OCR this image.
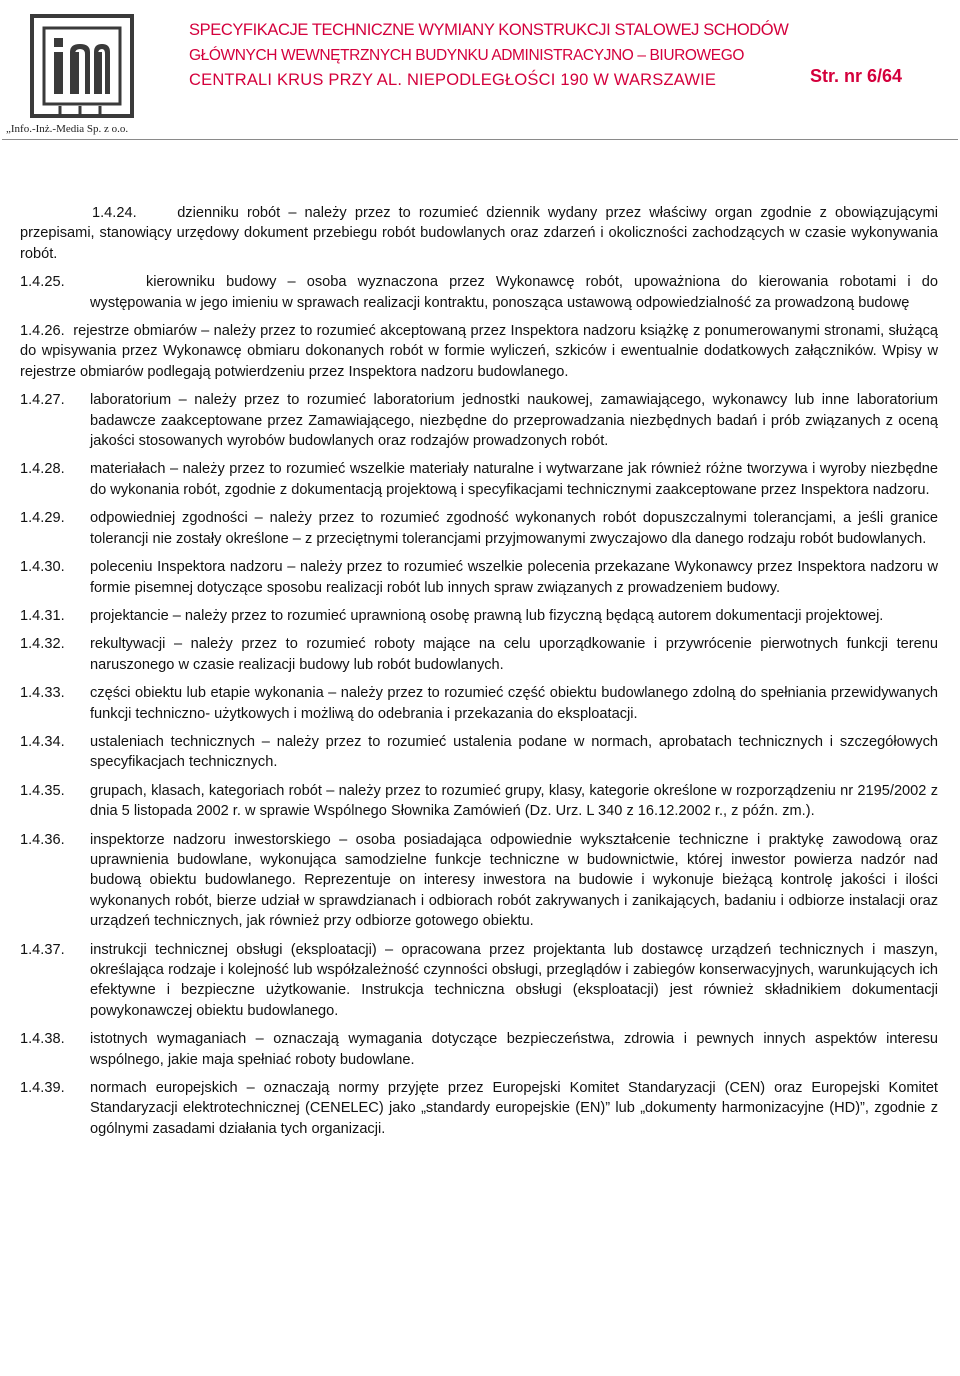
„Info.-Inż.-Media Sp. z o.o.
SPECYFIKACJE TECHNICZNE WYMIANY KONSTRUKCJI STALOWEJ SCHODÓW
GŁÓWNYCH WEWNĘTRZNYCH BUDYNKU ADMINISTRACYJNO – BIUROWEGO
CENTRALI KRUS PRZY AL. NIEPODLEGŁOŚCI 190 W WARSZAWIE	Str. nr 6/64

1.4.24.	dzienniku robót – należy przez to rozumieć dziennik wydany przez właściwy organ zgodnie z obowiązującymi przepisami, stanowiący urzędowy dokument przebiegu robót budowlanych oraz zdarzeń i okoliczności zachodzących w czasie wykonywania robót.

1.4.25.	kierowniku budowy – osoba wyznaczona przez Wykonawcę robót, upoważniona do kierowania robotami i do występowania w jego imieniu w sprawach realizacji kontraktu, ponosząca ustawową odpowiedzialność za prowadzoną budowę

1.4.26. rejestrze obmiarów – należy przez to rozumieć akceptowaną przez Inspektora nadzoru książkę z ponumerowanymi stronami, służącą do wpisywania przez Wykonawcę obmiaru dokonanych robót w formie wyliczeń, szkiców i ewentualnie dodatkowych załączników. Wpisy w rejestrze obmiarów podlegają potwierdzeniu przez Inspektora nadzoru budowlanego.

1.4.27.	laboratorium – należy przez to rozumieć laboratorium jednostki naukowej, zamawiającego, wykonawcy lub inne laboratorium badawcze zaakceptowane przez Zamawiającego, niezbędne do przeprowadzania niezbędnych badań i prób związanych z oceną jakości stosowanych wyrobów budowlanych oraz rodzajów prowadzonych robót.
1.4.28.	materiałach – należy przez to rozumieć wszelkie materiały naturalne i wytwarzane jak również różne tworzywa i wyroby niezbędne do wykonania robót, zgodnie z dokumentacją projektową i specyfikacjami technicznymi zaakceptowane przez Inspektora nadzoru.
1.4.29.	odpowiedniej zgodności – należy przez to rozumieć zgodność wykonanych robót dopuszczalnymi tolerancjami, a jeśli granice tolerancji nie zostały określone – z przeciętnymi tolerancjami przyjmowanymi zwyczajowo dla danego rodzaju robót budowlanych.
1.4.30.	poleceniu Inspektora nadzoru – należy przez to rozumieć wszelkie polecenia przekazane Wykonawcy przez Inspektora nadzoru w formie pisemnej dotyczące sposobu realizacji robót lub innych spraw związanych z prowadzeniem budowy.
1.4.31.	projektancie – należy przez to rozumieć uprawnioną osobę prawną lub fizyczną będącą autorem dokumentacji projektowej.
1.4.32.	rekultywacji – należy przez to rozumieć roboty mające na celu uporządkowanie i przywrócenie pierwotnych funkcji terenu naruszonego w czasie realizacji budowy lub robót budowlanych.
1.4.33.	części obiektu lub etapie wykonania – należy przez to rozumieć część obiektu budowlanego zdolną do spełniania przewidywanych funkcji techniczno- użytkowych i możliwą do odebrania i przekazania do eksploatacji.
1.4.34.	ustaleniach technicznych – należy przez to rozumieć ustalenia podane w normach, aprobatach technicznych i szczegółowych specyfikacjach technicznych.
1.4.35.	grupach, klasach, kategoriach robót – należy przez to rozumieć grupy, klasy, kategorie określone w rozporządzeniu nr 2195/2002 z dnia 5 listopada 2002 r. w sprawie Wspólnego Słownika Zamówień (Dz. Urz. L 340 z 16.12.2002 r., z późn. zm.).
1.4.36.	inspektorze nadzoru inwestorskiego – osoba posiadająca odpowiednie wykształcenie techniczne i praktykę zawodową oraz uprawnienia budowlane, wykonująca samodzielne funkcje techniczne w budownictwie, której inwestor powierza nadzór nad budową obiektu budowlanego. Reprezentuje on interesy inwestora na budowie i wykonuje bieżącą kontrolę jakości i ilości wykonanych robót, bierze udział w sprawdzianach i odbiorach robót zakrywanych i zanikających, badaniu i odbiorze instalacji oraz urządzeń technicznych, jak również przy odbiorze gotowego obiektu.
1.4.37.	instrukcji technicznej obsługi (eksploatacji) – opracowana przez projektanta lub dostawcę urządzeń technicznych i maszyn, określająca rodzaje i kolejność lub współzależność czynności obsługi, przeglądów i zabiegów konserwacyjnych, warunkujących ich efektywne i bezpieczne użytkowanie. Instrukcja techniczna obsługi (eksploatacji) jest również składnikiem dokumentacji powykonawczej obiektu budowlanego.
1.4.38.	istotnych wymaganiach – oznaczają wymagania dotyczące bezpieczeństwa, zdrowia i pewnych innych aspektów interesu wspólnego, jakie maja spełniać roboty budowlane.
1.4.39.	normach europejskich – oznaczają normy przyjęte przez Europejski Komitet Standaryzacji (CEN) oraz Europejski Komitet Standaryzacji elektrotechnicznej (CENELEC) jako „standardy europejskie (EN)” lub „dokumenty harmonizacyjne (HD)”, zgodnie z ogólnymi zasadami działania tych organizacji.
